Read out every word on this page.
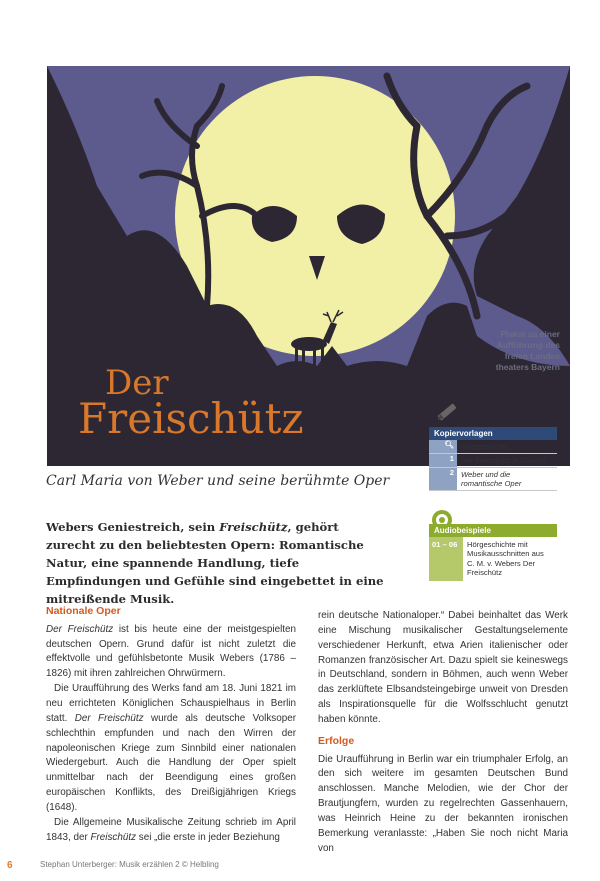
Plakat zu einer Aufführung des freien Landes theaters Bayern
Der
Freischütz
Carl Maria von Weber und seine berühmte Oper
Webers Geniestreich, sein Freischütz, gehört zurecht zu den beliebtesten Opern: Romantische Natur, eine spannende Handlung, tiefe Empfindungen und Gefühle sind eingebettet in eine mitreißende Musik.
Kopiervorlagen
🔍︎ Vorgeschichte
1 Der Freischütz in Comics
2 Weber und die romantische Oper
Audiobeispiele
01 – 06	Hörgeschichte mit Musikausschnitten aus C. M. v. Webers Der Freischütz
Nationale Oper

Der Freischütz ist bis heute eine der meistgespielten deutschen Opern. Grund dafür ist nicht zuletzt die effektvolle und gefühlsbetonte Musik Webers (1786 – 1826) mit ihren zahlreichen Ohrwürmern.

Die Uraufführung des Werks fand am 18. Juni 1821 im neu errichteten Königlichen Schauspielhaus in Berlin statt. Der Freischütz wurde als deutsche Volksoper schlechthin empfunden und nach den Wirren der napoleonischen Kriege zum Sinnbild einer nationalen Wiedergeburt. Auch die Handlung der Oper spielt unmittelbar nach der Beendigung eines großen europäischen Konflikts, des Dreißigjährigen Kriegs (1648).

Die Allgemeine Musikalische Zeitung schrieb im April 1843, der Freischütz sei „die erste in jeder Beziehung

rein deutsche Nationaloper.“ Dabei beinhaltet das Werk eine Mischung musikalischer Gestaltungselemente verschiedener Herkunft, etwa Arien italienischer oder Romanzen französischer Art. Dazu spielt sie keineswegs in Deutschland, sondern in Böhmen, auch wenn Weber das zerklüftete Elbsandsteingebirge unweit von Dresden als Inspirationsquelle für die Wolfsschlucht genutzt haben könnte.

Erfolge

Die Uraufführung in Berlin war ein triumphaler Erfolg, an den sich weitere im gesamten Deutschen Bund anschlossen. Manche Melodien, wie der Chor der Brautjungfern, wurden zu regelrechten Gassenhauern, was Heinrich Heine zu der bekannten ironischen Bemerkung veranlasste: „Haben Sie noch nicht Maria von

6	Stephan Unterberger: Musik erzählen 2 © Helbling
